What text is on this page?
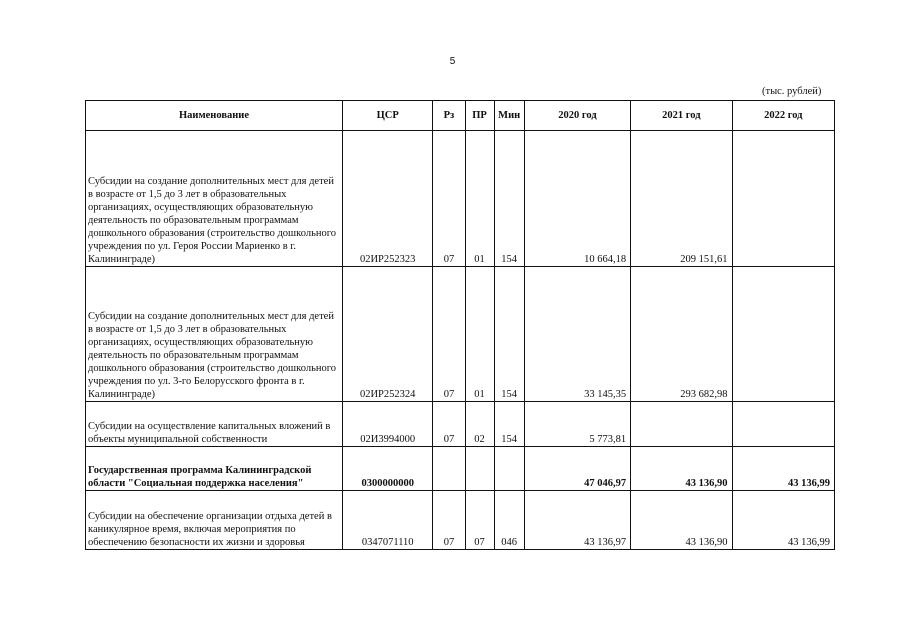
5
(тыс. рублей)
Наименование	ЦСР	Рз	ПР	Мин	2020 год	2021 год	2022 год
Субсидии на создание дополнительных мест для детей в возрасте от 1,5 до 3 лет в образовательных организациях, осуществляющих образовательную деятельность по образовательным программам дошкольного образования (строительство дошкольного учреждения по ул. Героя России Мариенко в г. Калининграде)	02ИР252323	07	01	154	10 664,18	209 151,61	
Субсидии на создание дополнительных мест для детей в возрасте от 1,5 до 3 лет в образовательных организациях, осуществляющих образовательную деятельность по образовательным программам дошкольного образования (строительство дошкольного учреждения по ул. 3-го Белорусского фронта в г. Калининграде)	02ИР252324	07	01	154	33 145,35	293 682,98	
Субсидии на осуществление капитальных вложений в объекты муниципальной собственности	02И3994000	07	02	154	5 773,81		
Государственная программа Калининградской области "Социальная поддержка населения"	0300000000				47 046,97	43 136,90	43 136,99
Субсидии на обеспечение организации отдыха детей в каникулярное время, включая мероприятия по обеспечению безопасности их жизни и здоровья	0347071110	07	07	046	43 136,97	43 136,90	43 136,99
